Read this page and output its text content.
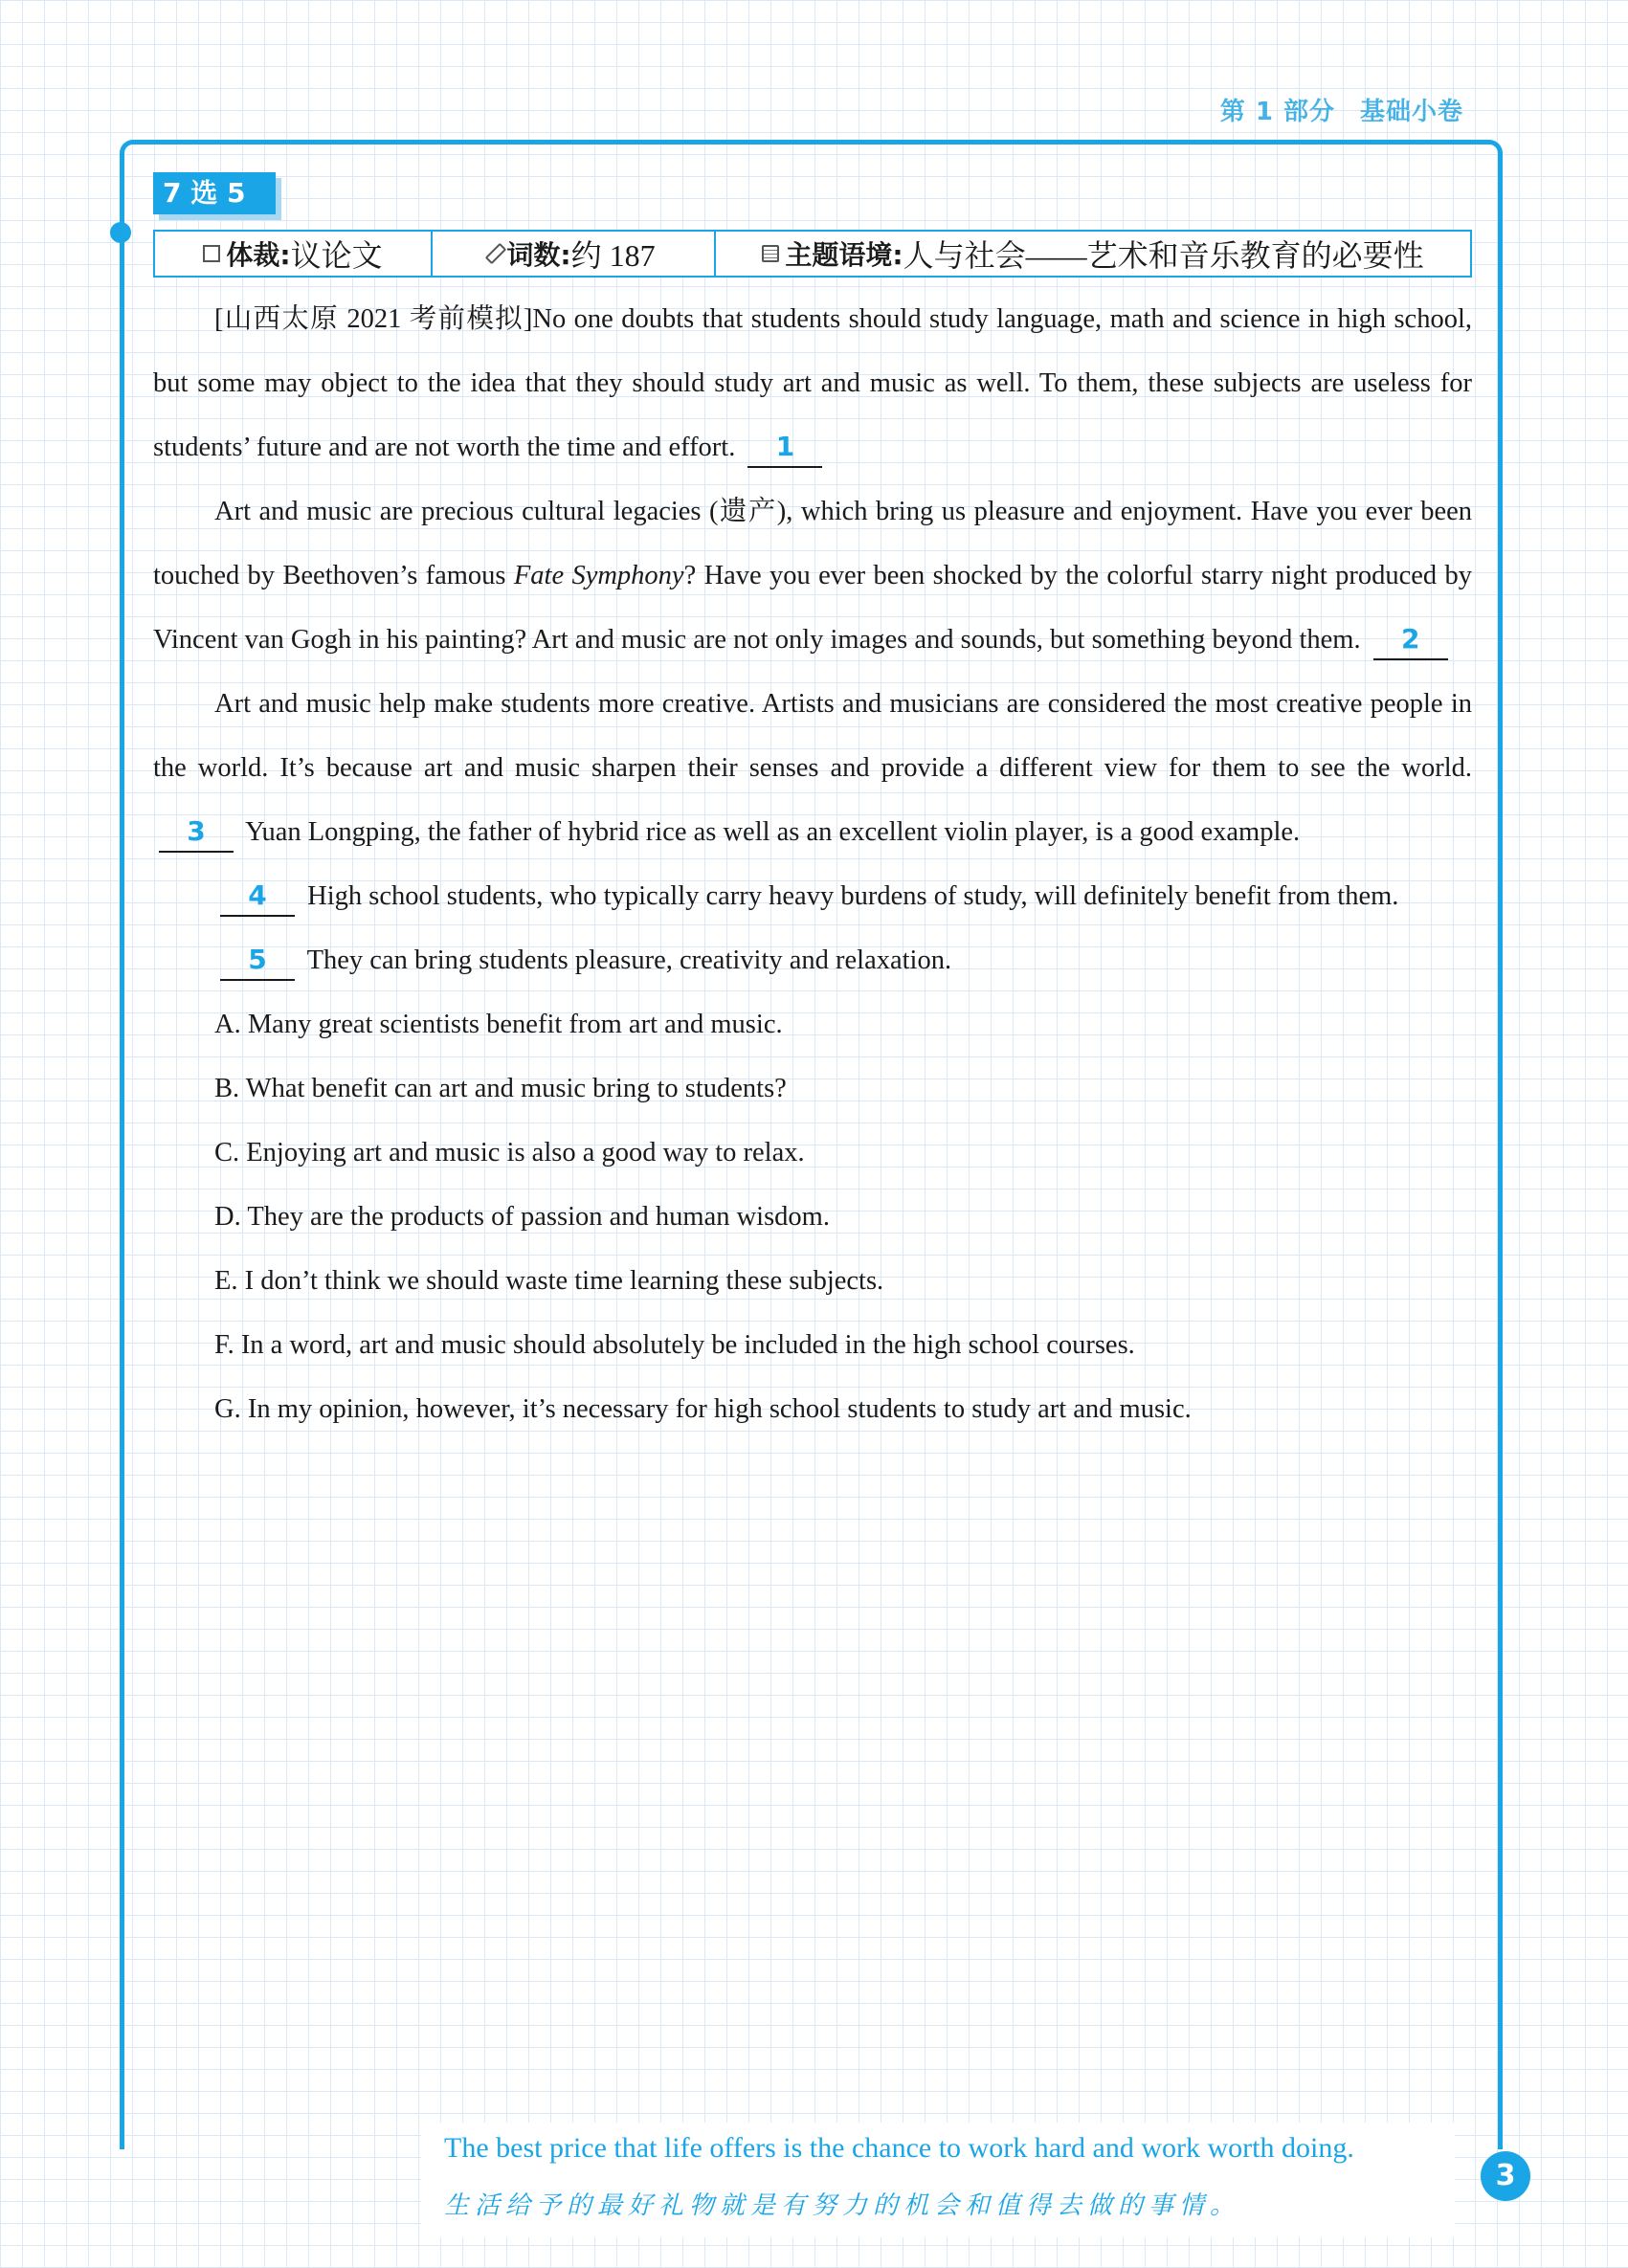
第 1 部分 基础小卷
7 选 5
体裁: 议论文	词数: 约 187	主题语境: 人与社会——艺术和音乐教育的必要性

[山西太原 2021 考前模拟]No one doubts that students should study language, math and science in high school, but some may object to the idea that they should study art and music as well. To them, these subjects are useless for students’ future and are not worth the time and effort. 1

Art and music are precious cultural legacies (遗产), which bring us pleasure and enjoyment. Have you ever been touched by Beethoven’s famous Fate Symphony? Have you ever been shocked by the colorful starry night produced by Vincent van Gogh in his painting? Art and music are not only images and sounds, but something beyond them. 2

Art and music help make students more creative. Artists and musicians are considered the most creative people in the world. It’s because art and music sharpen their senses and provide a different view for them to see the world. 3 Yuan Longping, the father of hybrid rice as well as an excellent violin player, is a good example.

4 High school students, who typically carry heavy burdens of study, will definitely benefit from them.

5 They can bring students pleasure, creativity and relaxation.

A. Many great scientists benefit from art and music.

B. What benefit can art and music bring to students?

C. Enjoying art and music is also a good way to relax.

D. They are the products of passion and human wisdom.

E. I don’t think we should waste time learning these subjects.

F. In a word, art and music should absolutely be included in the high school courses.

G. In my opinion, however, it’s necessary for high school students to study art and music.

The best price that life offers is the chance to work hard and work worth doing.
生活给予的最好礼物就是有努力的机会和值得去做的事情。
3
